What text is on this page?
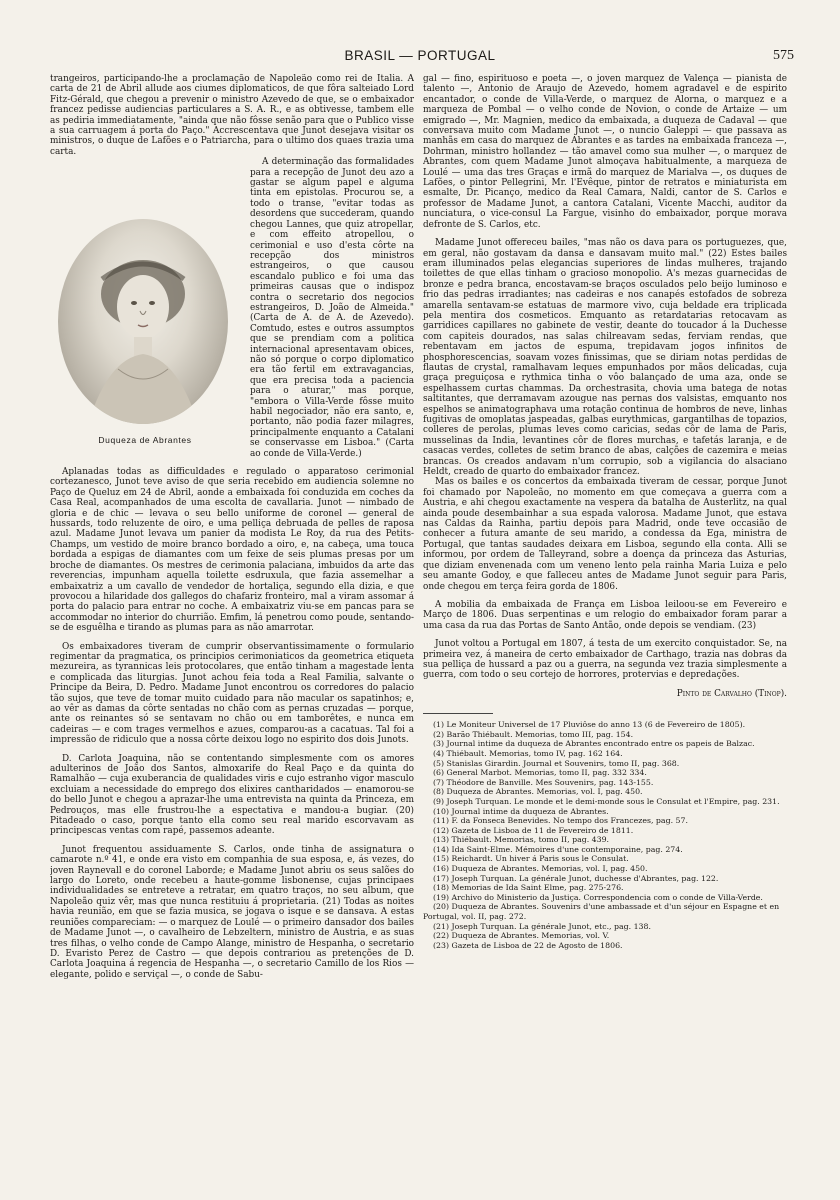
BRASIL — PORTUGAL	575

trangeiros, participando-lhe a proclamação de Napoleão como rei de Italia. A carta de 21 de Abril allude aos ciumes diplomaticos, de que fôra salteiado Lord Fitz-Gérald, que chegou a prevenir o ministro Azevedo de que, se o embaixador francez pedisse audiencias particulares a S. A. R., e as obtivesse, tambem elle as pediria immediatamente, "ainda que não fôsse senão para que o Publico visse a sua carruagem á porta do Paço." Accrescentava que Junot desejava visitar os ministros, o duque de Lafões e o Patriarcha, para o ultimo dos quaes trazia uma carta.

Duqueza de Abrantes

A determinação das formalidades para a recepção de Junot deu azo a gastar se algum papel e alguma tinta em epistolas. Procurou se, a todo o transe, "evitar todas as desordens que succederam, quando chegou Lannes, que quiz atropellar, e com effeito atropellou, o cerimonial e uso d'esta côrte na recepção dos ministros estrangeiros, o que causou escandalo publico e foi uma das primeiras causas que o indispoz contra o secretario dos negocios estrangeiros, D. João de Almeida." (Carta de A. de A. de Azevedo). Comtudo, estes e outros assumptos que se prendiam com a politica internacional apresentavam obices, não só porque o corpo diplomatico era tão fertil em extravagancias, que era precisa toda a paciencia para o aturar," mas porque, "embora o Villa-Verde fôsse muito habil negociador, não era santo, e, portanto, não podia fazer milagres, principalmente enquanto a Catalani se conservasse em Lisboa." (Carta ao conde de Villa-Verde.)

Aplanadas todas as difficuldades e regulado o apparatoso cerimonial cortezanesco, Junot teve aviso de que seria recebido em audiencia solemne no Paço de Queluz em 24 de Abril, aonde a embaixada foi conduzida em coches da Casa Real, acompanhados de uma escolta de cavallaria. Junot — nimbado de gloria e de chic — levava o seu bello uniforme de coronel — general de hussards, todo reluzente de oiro, e uma pelliça debruada de pelles de raposa azul. Madame Junot levava um panier da modista Le Roy, da rua des Petits-Champs, um vestido de moire branco bordado a oiro, e, na cabeça, uma touca bordada a espigas de diamantes com um feixe de seis plumas presas por um broche de diamantes. Os mestres de cerimonia palaciana, imbuidos da arte das reverencias, impunham aquella toilette esdruxula, que fazia assemelhar a embaixatriz a um cavallo de vendedor de hortaliça, segundo ella dizia, e que provocou a hilaridade dos gallegos do chafariz fronteiro, mal a viram assomar á porta do palacio para entrar no coche. A embaixatriz viu-se em pancas para se accommodar no interior do churrião. Emfim, lá penetrou como poude, sentando-se de esguêlha e tirando as plumas para as não amarrotar.

Os embaixadores tiveram de cumprir observantissimamente o formulario regimentar da pragmatica, os principios cerimoniaticos da geometrica etiqueta mezureira, as tyrannicas leis protocolares, que então tinham a magestade lenta e complicada das liturgias. Junot achou feia toda a Real Familia, salvante o Principe da Beira, D. Pedro. Madame Junot encontrou os corredores do palacio tão sujos, que teve de tomar muito cuidado para não macular os sapatinhos; e, ao vêr as damas da côrte sentadas no chão com as pernas cruzadas — porque, ante os reinantes só se sentavam no chão ou em tamborêtes, e nunca em cadeiras — e com trages vermelhos e azues, comparou-as a cacatuas. Tal foi a impressão de ridiculo que a nossa côrte deixou logo no espirito dos dois Junots.

D. Carlota Joaquina, não se contentando simplesmente com os amores adulterinos de João dos Santos, almoxarife do Real Paço e da quinta do Ramalhão — cuja exuberancia de qualidades viris e cujo estranho vigor masculo excluiam a necessidade do emprego dos elixires cantharidados — enamorou-se do bello Junot e chegou a aprazar-lhe uma entrevista na quinta da Princeza, em Pedrouços, mas elle frustrou-lhe a espectativa e mandou-a bugiar. (20) Pitadeado o caso, porque tanto ella como seu real marido escorvavam as principescas ventas com rapé, passemos adeante.

Junot frequentou assiduamente S. Carlos, onde tinha de assignatura o camarote n.º 41, e onde era visto em companhia de sua esposa, e, ás vezes, do joven Raynevall e do coronel Laborde; e Madame Junot abriu os seus salões do largo do Loreto, onde recebeu a haute-gomme lisbonense, cujas principaes individualidades se entreteve a retratar, em quatro traços, no seu album, que Napoleão quiz vêr, mas que nunca restituiu á proprietaria. (21) Todas as noites havia reunião, em que se fazia musica, se jogava o isque e se dansava. A estas reuniões compareciam: — o marquez de Loulé — o primeiro dansador dos bailes de Madame Junot —, o cavalheiro de Lebzeltern, ministro de Austria, e as suas tres filhas, o velho conde de Campo Alange, ministro de Hespanha, o secretario D. Evaristo Perez de Castro — que depois contrariou as pretenções de D. Carlota Joaquina á regencia de Hespanha —, o secretario Camillo de los Rios — elegante, polido e serviçal —, o conde de Sabu-

gal — fino, espirituoso e poeta —, o joven marquez de Valença — pianista de talento —, Antonio de Araujo de Azevedo, homem agradavel e de espirito encantador, o conde de Villa-Verde, o marquez de Alorna, o marquez e a marqueza de Pombal — o velho conde de Novion, o conde de Artaize — um emigrado —, Mr. Magnien, medico da embaixada, a duqueza de Cadaval — que conversava muito com Madame Junot —, o nuncio Galeppi — que passava as manhãs em casa do marquez de Abrantes e as tardes na embaixada franceza —, Dohrman, ministro hollandez — tão amavel como sua mulher —, o marquez de Abrantes, com quem Madame Junot almoçava habitualmente, a marqueza de Loulé — uma das tres Graças e irmã do marquez de Marialva —, os duques de Lafões, o pintor Pellegrini, Mr. l'Evêque, pintor de retratos e miniaturista em esmalte, Dr. Picanço, medico da Real Camara, Naldi, cantor de S. Carlos e professor de Madame Junot, a cantora Catalani, Vicente Macchi, auditor da nunciatura, o vice-consul La Fargue, visinho do embaixador, porque morava defronte de S. Carlos, etc.

Madame Junot offereceu bailes, "mas não os dava para os portuguezes, que, em geral, não gostavam da dansa e dansavam muito mal." (22) Estes bailes eram illuminados pelas elegancias superiores de lindas mulheres, trajando toilettes de que ellas tinham o gracioso monopolio. A's mezas guarnecidas de bronze e pedra branca, encostavam-se braços osculados pelo beijo luminoso e frio das pedras irradiantes; nas cadeiras e nos canapés estofados de sobreza amarella sentavam-se estatuas de marmore vivo, cuja beldade era triplicada pela mentira dos cosmeticos. Emquanto as retardatarias retocavam as garridices capillares no gabinete de vestir, deante do toucador á la Duchesse com capiteis dourados, nas salas chilreavam sedas, ferviam rendas, que rebentavam em jactos de espuma, trepidavam jogos infinitos de phosphorescencias, soavam vozes finissimas, que se diriam notas perdidas de flautas de crystal, ramalhavam leques empunhados por mãos delicadas, cuja graça preguiçosa e rythmica tinha o vôo balançado de uma aza, onde se espelhassem curtas chammas. Da orchestrasita, chovia uma batega de notas saltitantes, que derramavam azougue nas pernas dos valsistas, emquanto nos espelhos se animatographava uma rotação continua de hombros de neve, linhas fugitivas de omoplatas jaspeadas, galbas eurythmicas, gargantilhas de topazios, colleres de perolas, plumas leves como caricias, sedas côr de lama de Paris, musselinas da India, levantines côr de flores murchas, e tafetás laranja, e de casacas verdes, colletes de setim branco de abas, calções de cazemira e meias brancas. Os creados andavam n'um corrupio, sob a vigilancia do alsaciano Heldt, creado de quarto do embaixador francez.

Mas os bailes e os concertos da embaixada tiveram de cessar, porque Junot foi chamado por Napoleão, no momento em que começava a guerra com a Austria, e ahi chegou exactamente na vespera da batalha de Austerlitz, na qual ainda poude desembainhar a sua espada valorosa. Madame Junot, que estava nas Caldas da Rainha, partiu depois para Madrid, onde teve occasião de conhecer a futura amante de seu marido, a condessa da Ega, ministra de Portugal, que tantas saudades deixara em Lisboa, segundo ella conta. Alli se informou, por ordem de Talleyrand, sobre a doença da princeza das Asturias, que diziam envenenada com um veneno lento pela rainha Maria Luiza e pelo seu amante Godoy, e que falleceu antes de Madame Junot seguir para Paris, onde chegou em terça feira gorda de 1806.

A mobilia da embaixada de França em Lisboa leiloou-se em Fevereiro e Março de 1806. Duas serpentinas e um relogio do embaixador foram parar a uma casa da rua das Portas de Santo Antão, onde depois se vendiam. (23)

Junot voltou a Portugal em 1807, á testa de um exercito conquistador. Se, na primeira vez, á maneira de certo embaixador de Carthago, trazia nas dobras da sua pelliça de hussard a paz ou a guerra, na segunda vez trazia simplesmente a guerra, com todo o seu cortejo de horrores, protervias e depredações.

Pinto de Carvalho (Tinop).

(1) Le Moniteur Universel de 17 Pluviôse do anno 13 (6 de Fevereiro de 1805).

(2) Barão Thiébault. Memorias, tomo III, pag. 154.

(3) Journal intime da duqueza de Abrantes encontrado entre os papeis de Balzac.

(4) Thiébault. Memorias, tomo IV, pag. 162 164.

(5) Stanislas Girardin. Journal et Souvenirs, tomo II, pag. 368.

(6) General Marbot. Memorias, tomo II, pag. 332 334.

(7) Théodore de Banville. Mes Souvenirs, pag. 143-155.

(8) Duqueza de Abrantes. Memorias, vol. I, pag. 450.

(9) Joseph Turquan. Le monde et le demi-monde sous le Consulat et l'Empire, pag. 231.

(10) Journal intime da duqueza de Abrantes.

(11) F. da Fonseca Benevides. No tempo dos Francezes, pag. 57.

(12) Gazeta de Lisboa de 11 de Fevereiro de 1811.

(13) Thiébault. Memorias, tomo II, pag. 439.

(14) Ida Saint-Elme. Mémoires d'une contemporaine, pag. 274.

(15) Reichardt. Un hiver á Paris sous le Consulat.

(16) Duqueza de Abrantes. Memorias, vol. I, pag. 450.

(17) Joseph Turquan. La générale Junot, duchesse d'Abrantes, pag. 122.

(18) Memorias de Ida Saint Elme, pag. 275-276.

(19) Archivo do Ministerio da Justiça. Correspondencia com o conde de Villa-Verde.

(20) Duqueza de Abrantes. Souvenirs d'une ambassade et d'un séjour en Espagne et en Portugal, vol. II, pag. 272.

(21) Joseph Turquan. La générale Junot, etc., pag. 138.

(22) Duqueza de Abrantes. Memorias, vol. V.

(23) Gazeta de Lisboa de 22 de Agosto de 1806.
